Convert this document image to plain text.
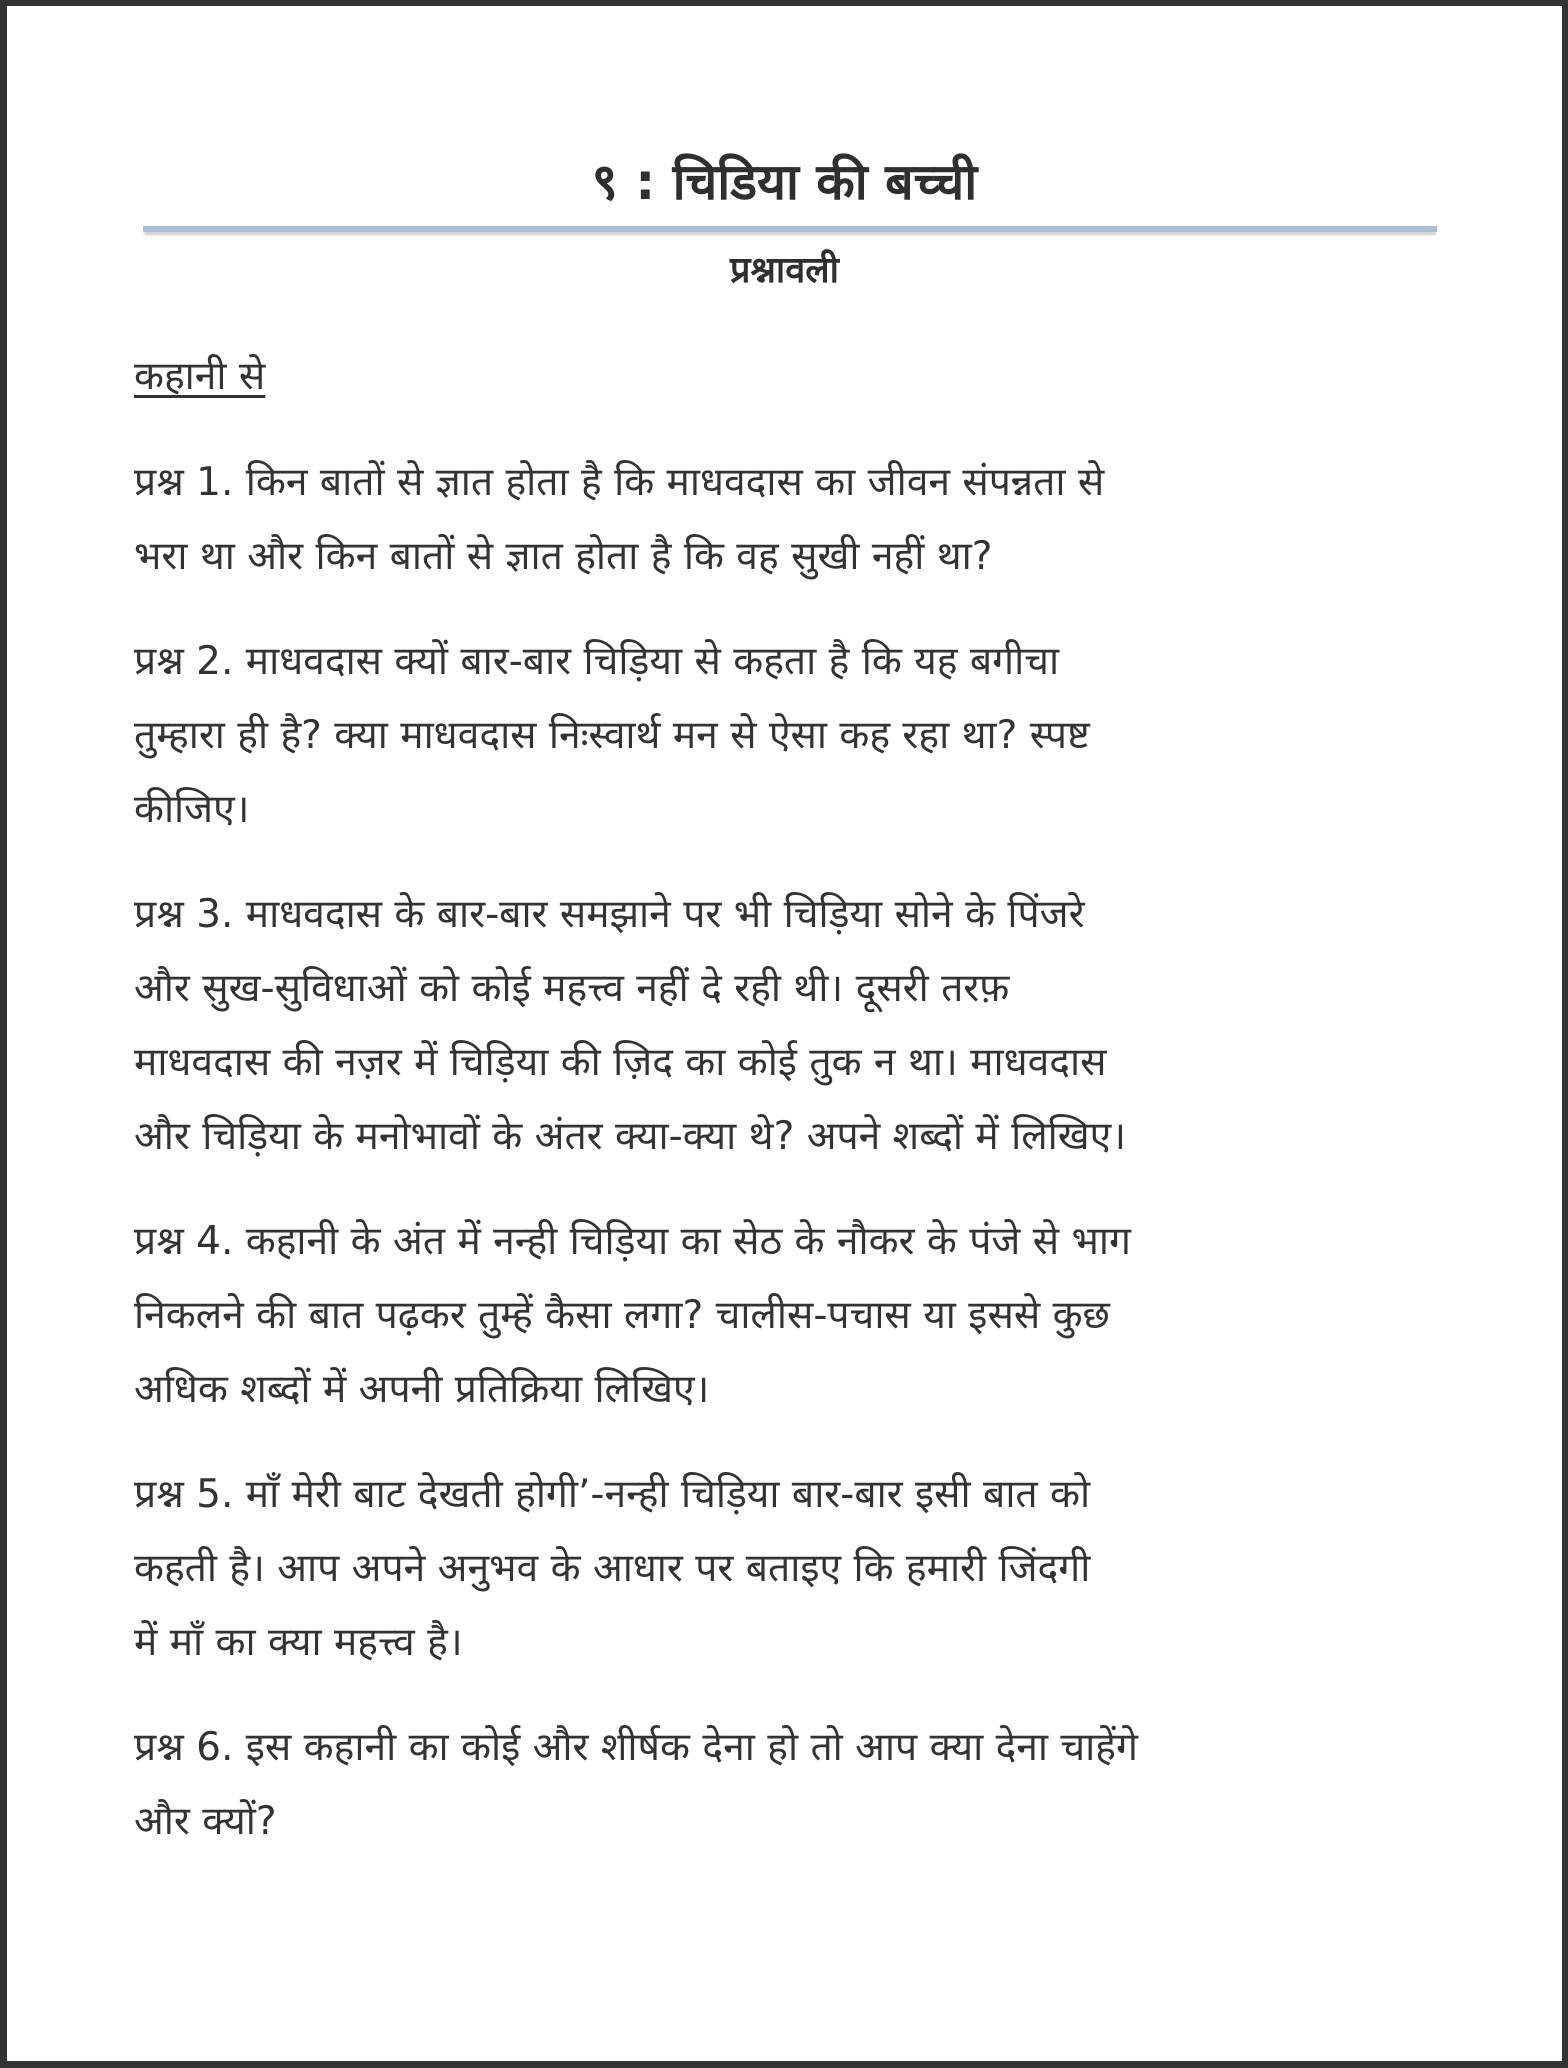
९ : चिडिया की बच्ची
प्रश्नावली
कहानी से
प्रश्न 1. किन बातों से ज्ञात होता है कि माधवदास का जीवन संपन्नता से
भरा था और किन बातों से ज्ञात होता है कि वह सुखी नहीं था?
प्रश्न 2. माधवदास क्यों बार-बार चिड़िया से कहता है कि यह बगीचा
तुम्हारा ही है? क्या माधवदास निःस्वार्थ मन से ऐसा कह रहा था? स्पष्ट
कीजिए।
प्रश्न 3. माधवदास के बार-बार समझाने पर भी चिड़िया सोने के पिंजरे
और सुख-सुविधाओं को कोई महत्त्व नहीं दे रही थी। दूसरी तरफ़
माधवदास की नज़र में चिड़िया की ज़िद का कोई तुक न था। माधवदास
और चिड़िया के मनोभावों के अंतर क्या-क्या थे? अपने शब्दों में लिखिए।
प्रश्न 4. कहानी के अंत में नन्ही चिड़िया का सेठ के नौकर के पंजे से भाग
निकलने की बात पढ़कर तुम्हें कैसा लगा? चालीस-पचास या इससे कुछ
अधिक शब्दों में अपनी प्रतिक्रिया लिखिए।
प्रश्न 5. माँ मेरी बाट देखती होगी’-नन्ही चिड़िया बार-बार इसी बात को
कहती है। आप अपने अनुभव के आधार पर बताइए कि हमारी जिंदगी
में माँ का क्या महत्त्व है।
प्रश्न 6. इस कहानी का कोई और शीर्षक देना हो तो आप क्या देना चाहेंगे
और क्यों?
